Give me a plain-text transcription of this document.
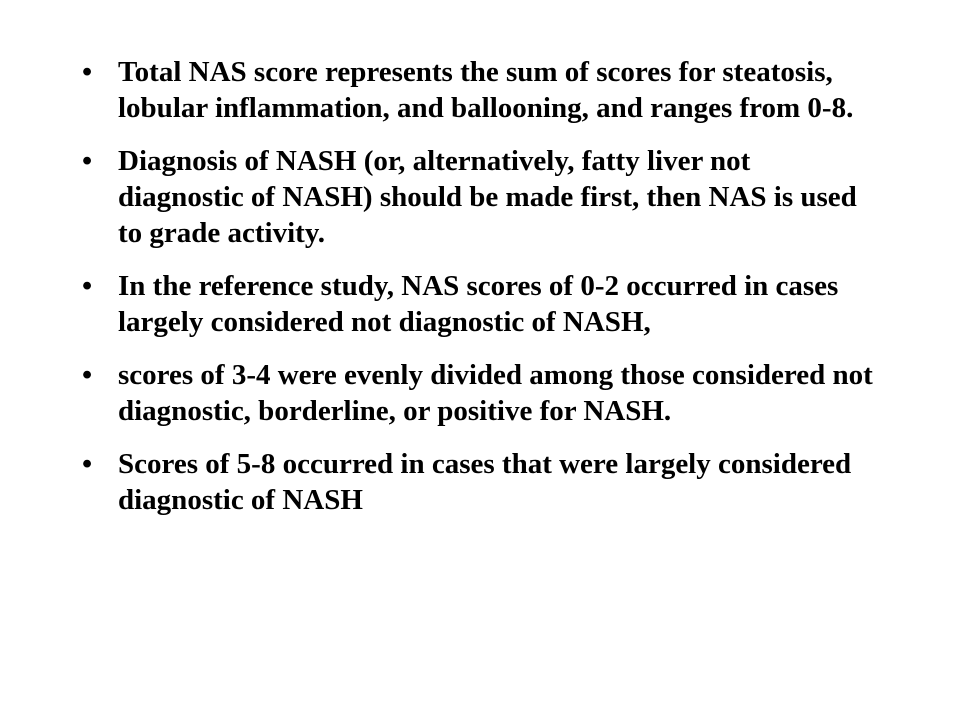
• Total NAS score represents the sum of scores for steatosis, lobular inflammation, and ballooning, and ranges from 0-8.
• Diagnosis of NASH (or, alternatively, fatty liver not diagnostic of NASH) should be made first, then NAS is used to grade activity.
• In the reference study, NAS scores of 0-2 occurred in cases largely considered not diagnostic of NASH,
• scores of 3-4 were evenly divided among those considered not diagnostic, borderline, or positive for NASH.
• Scores of 5-8 occurred in cases that were largely considered diagnostic of NASH
